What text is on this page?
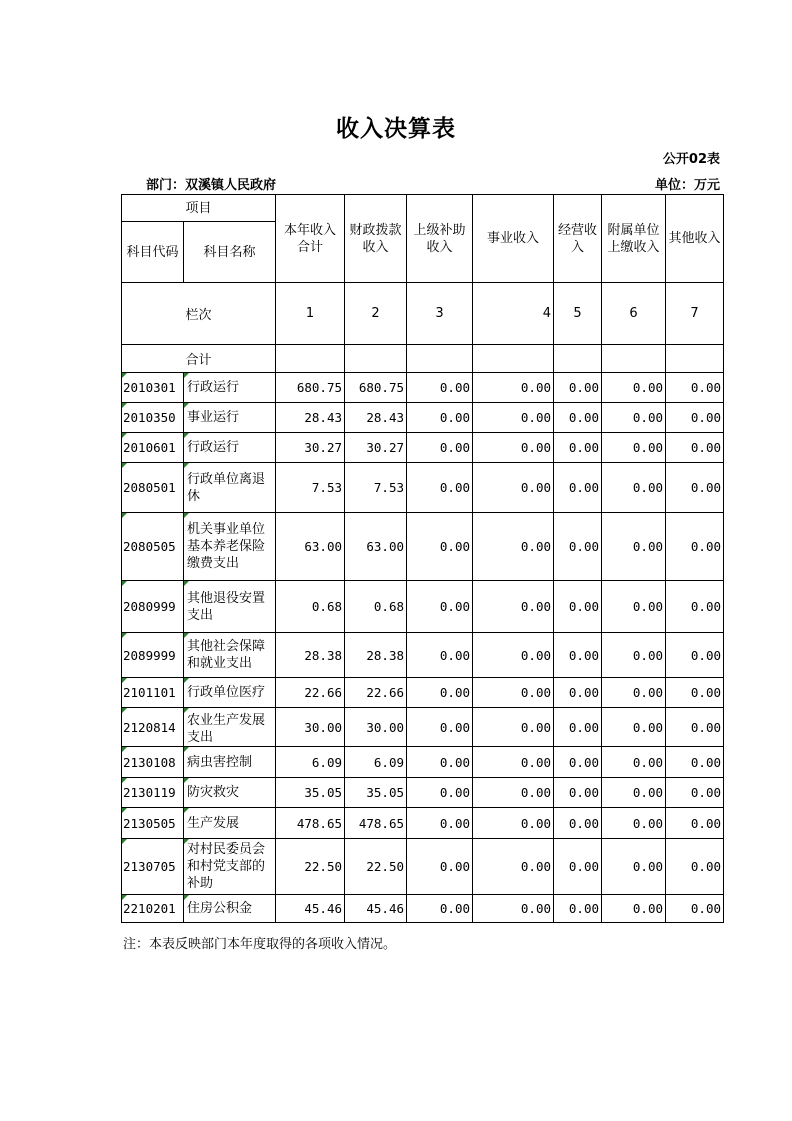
收入决算表
公开02表
部门：双溪镇人民政府	单位：万元
项目		本年收入合计	财政拨款收入	上级补助收入	事业收入	经营收入	附属单位上缴收入	其他收入
科目代码	科目名称							
栏次		1	2	3	4	5	6	7
合计								
2010301	行政运行	680.75	680.75	0.00	0.00	0.00	0.00	0.00
2010350	事业运行	28.43	28.43	0.00	0.00	0.00	0.00	0.00
2010601	行政运行	30.27	30.27	0.00	0.00	0.00	0.00	0.00
2080501	行政单位离退休	7.53	7.53	0.00	0.00	0.00	0.00	0.00
2080505	机关事业单位基本养老保险缴费支出	63.00	63.00	0.00	0.00	0.00	0.00	0.00
2080999	其他退役安置支出	0.68	0.68	0.00	0.00	0.00	0.00	0.00
2089999	其他社会保障和就业支出	28.38	28.38	0.00	0.00	0.00	0.00	0.00
2101101	行政单位医疗	22.66	22.66	0.00	0.00	0.00	0.00	0.00
2120814	农业生产发展支出	30.00	30.00	0.00	0.00	0.00	0.00	0.00
2130108	病虫害控制	6.09	6.09	0.00	0.00	0.00	0.00	0.00
2130119	防灾救灾	35.05	35.05	0.00	0.00	0.00	0.00	0.00
2130505	生产发展	478.65	478.65	0.00	0.00	0.00	0.00	0.00
2130705	对村民委员会和村党支部的补助	22.50	22.50	0.00	0.00	0.00	0.00	0.00
2210201	住房公积金	45.46	45.46	0.00	0.00	0.00	0.00	0.00
注：本表反映部门本年度取得的各项收入情况。
